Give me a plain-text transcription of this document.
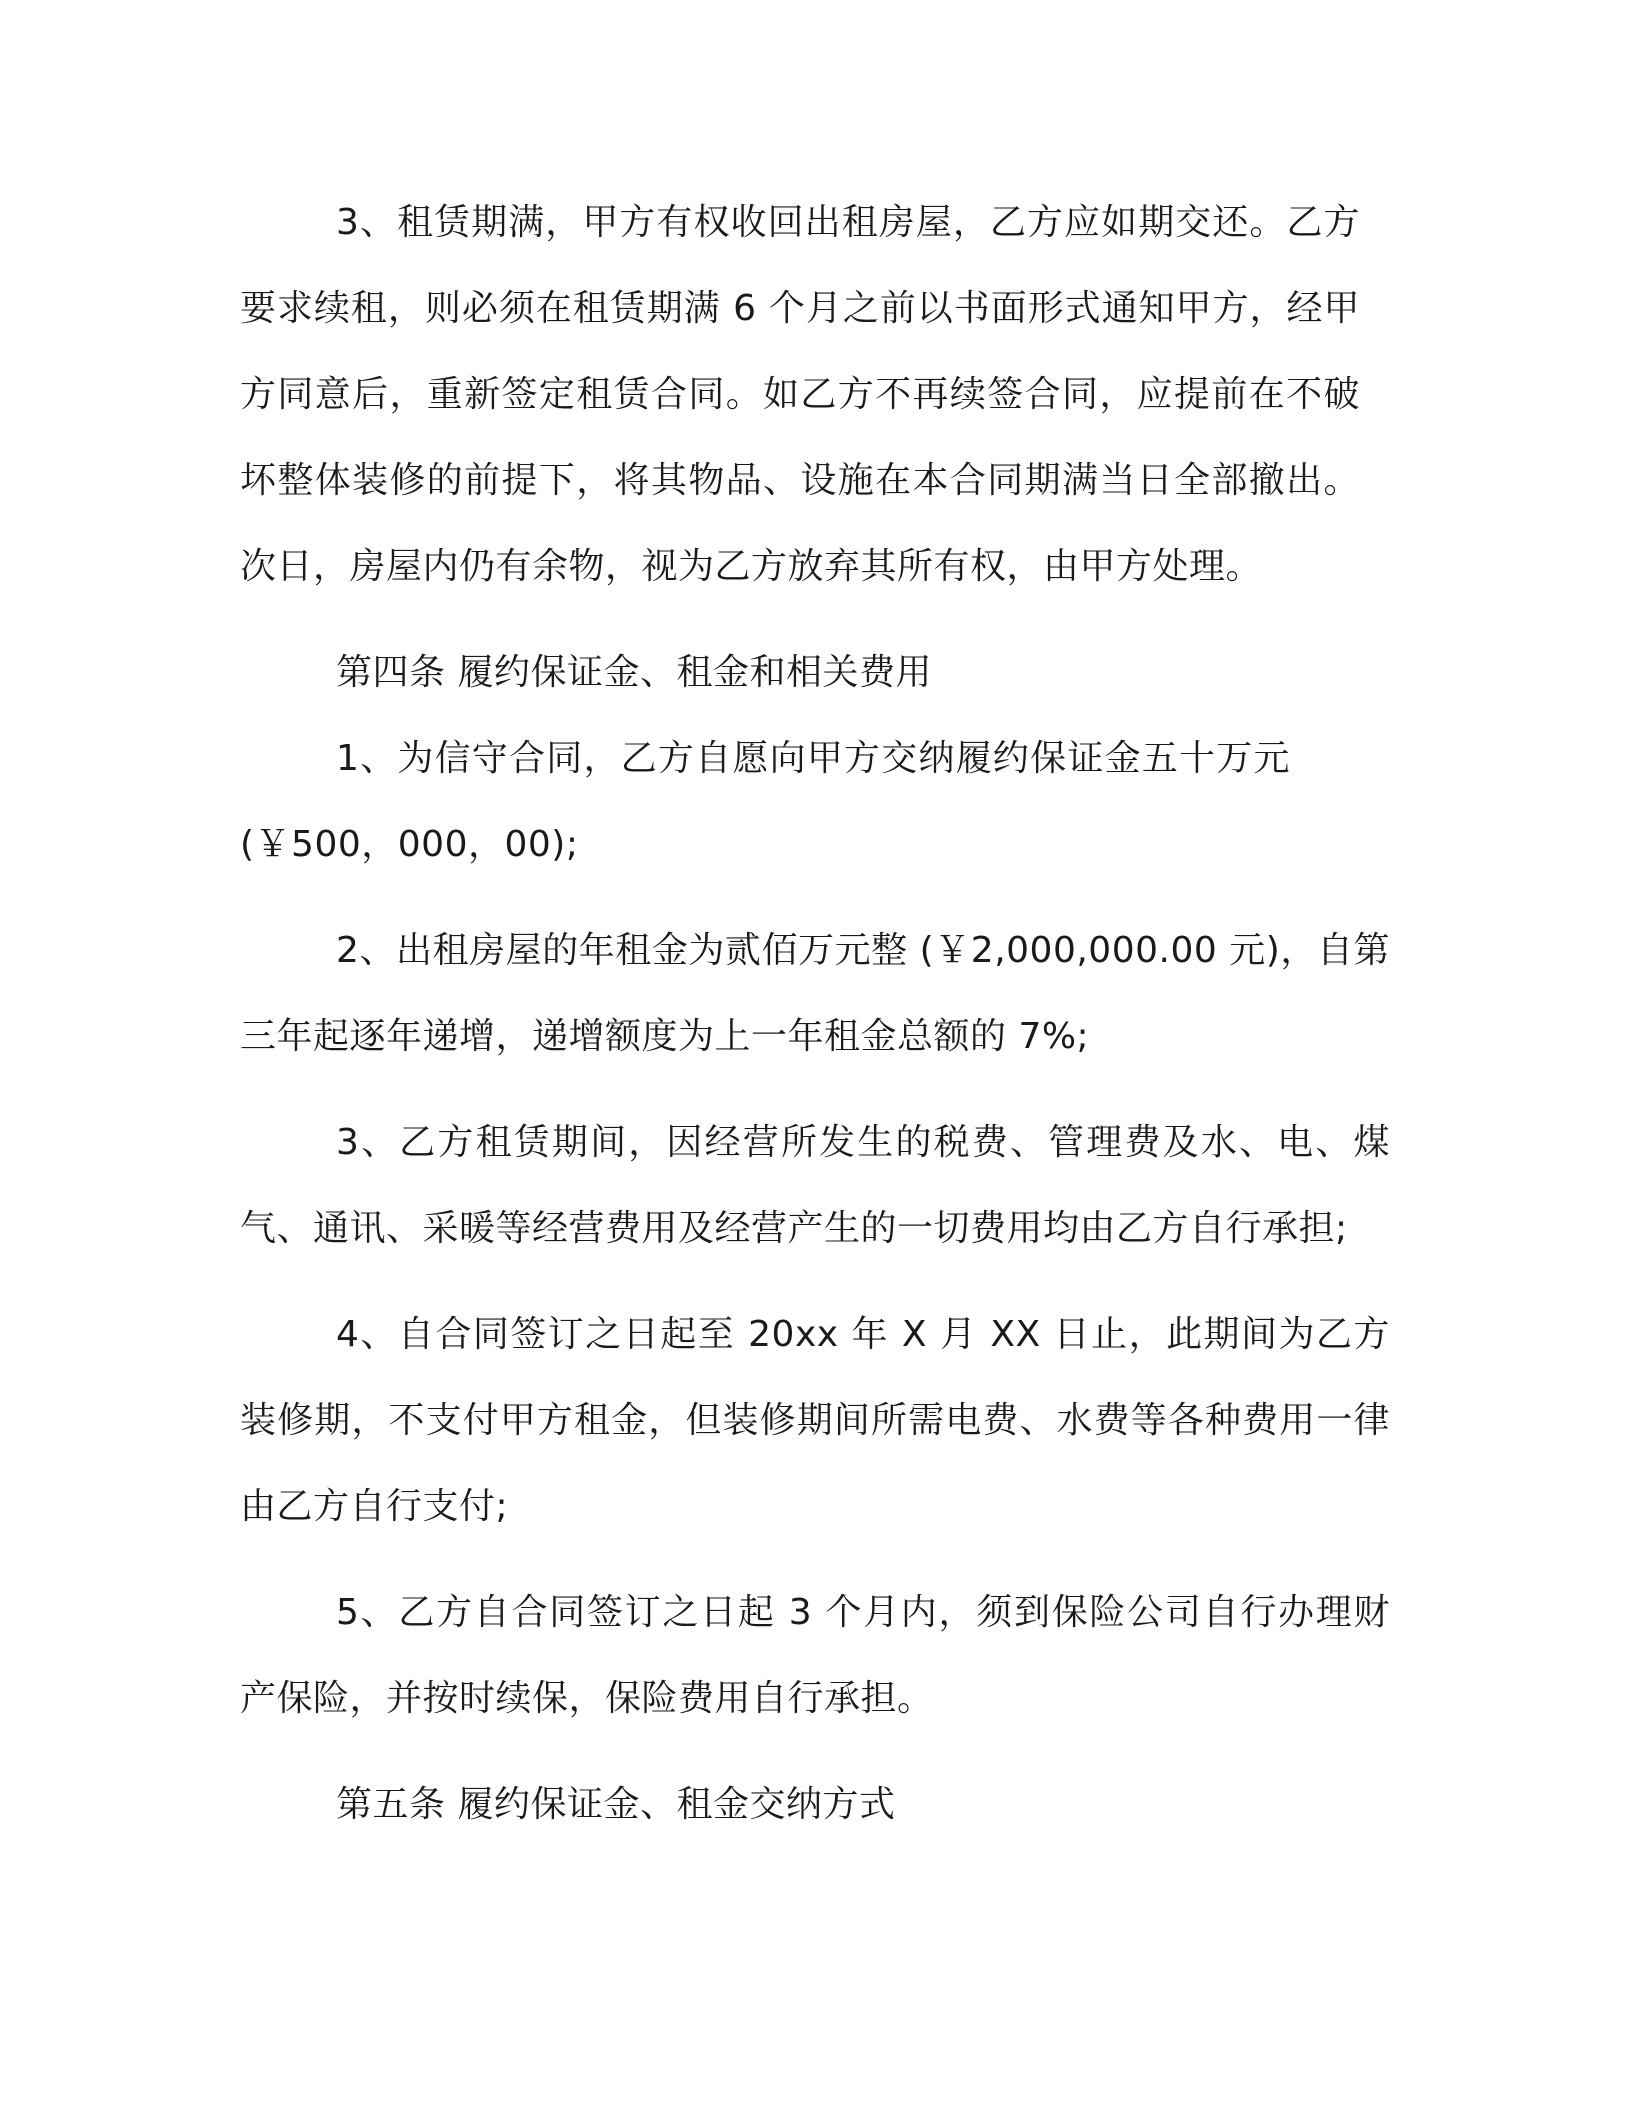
3、租赁期满，甲方有权收回出租房屋，乙方应如期交还。乙方要求续租，则必须在租赁期满 6 个月之前以书面形式通知甲方，经甲方同意后，重新签定租赁合同。如乙方不再续签合同，应提前在不破坏整体装修的前提下，将其物品、设施在本合同期满当日全部撤出。次日，房屋内仍有余物，视为乙方放弃其所有权，由甲方处理。

第四条 履约保证金、租金和相关费用

1、为信守合同，乙方自愿向甲方交纳履约保证金五十万元(￥500，000，00);

2、出租房屋的年租金为贰佰万元整 (￥2,000,000.00 元)，自第三年起逐年递增，递增额度为上一年租金总额的 7%;

3、乙方租赁期间，因经营所发生的税费、管理费及水、电、煤气、通讯、采暖等经营费用及经营产生的一切费用均由乙方自行承担;

4、自合同签订之日起至 20xx 年 X 月 XX 日止，此期间为乙方装修期，不支付甲方租金，但装修期间所需电费、水费等各种费用一律由乙方自行支付;

5、乙方自合同签订之日起 3 个月内，须到保险公司自行办理财产保险，并按时续保，保险费用自行承担。

第五条 履约保证金、租金交纳方式
